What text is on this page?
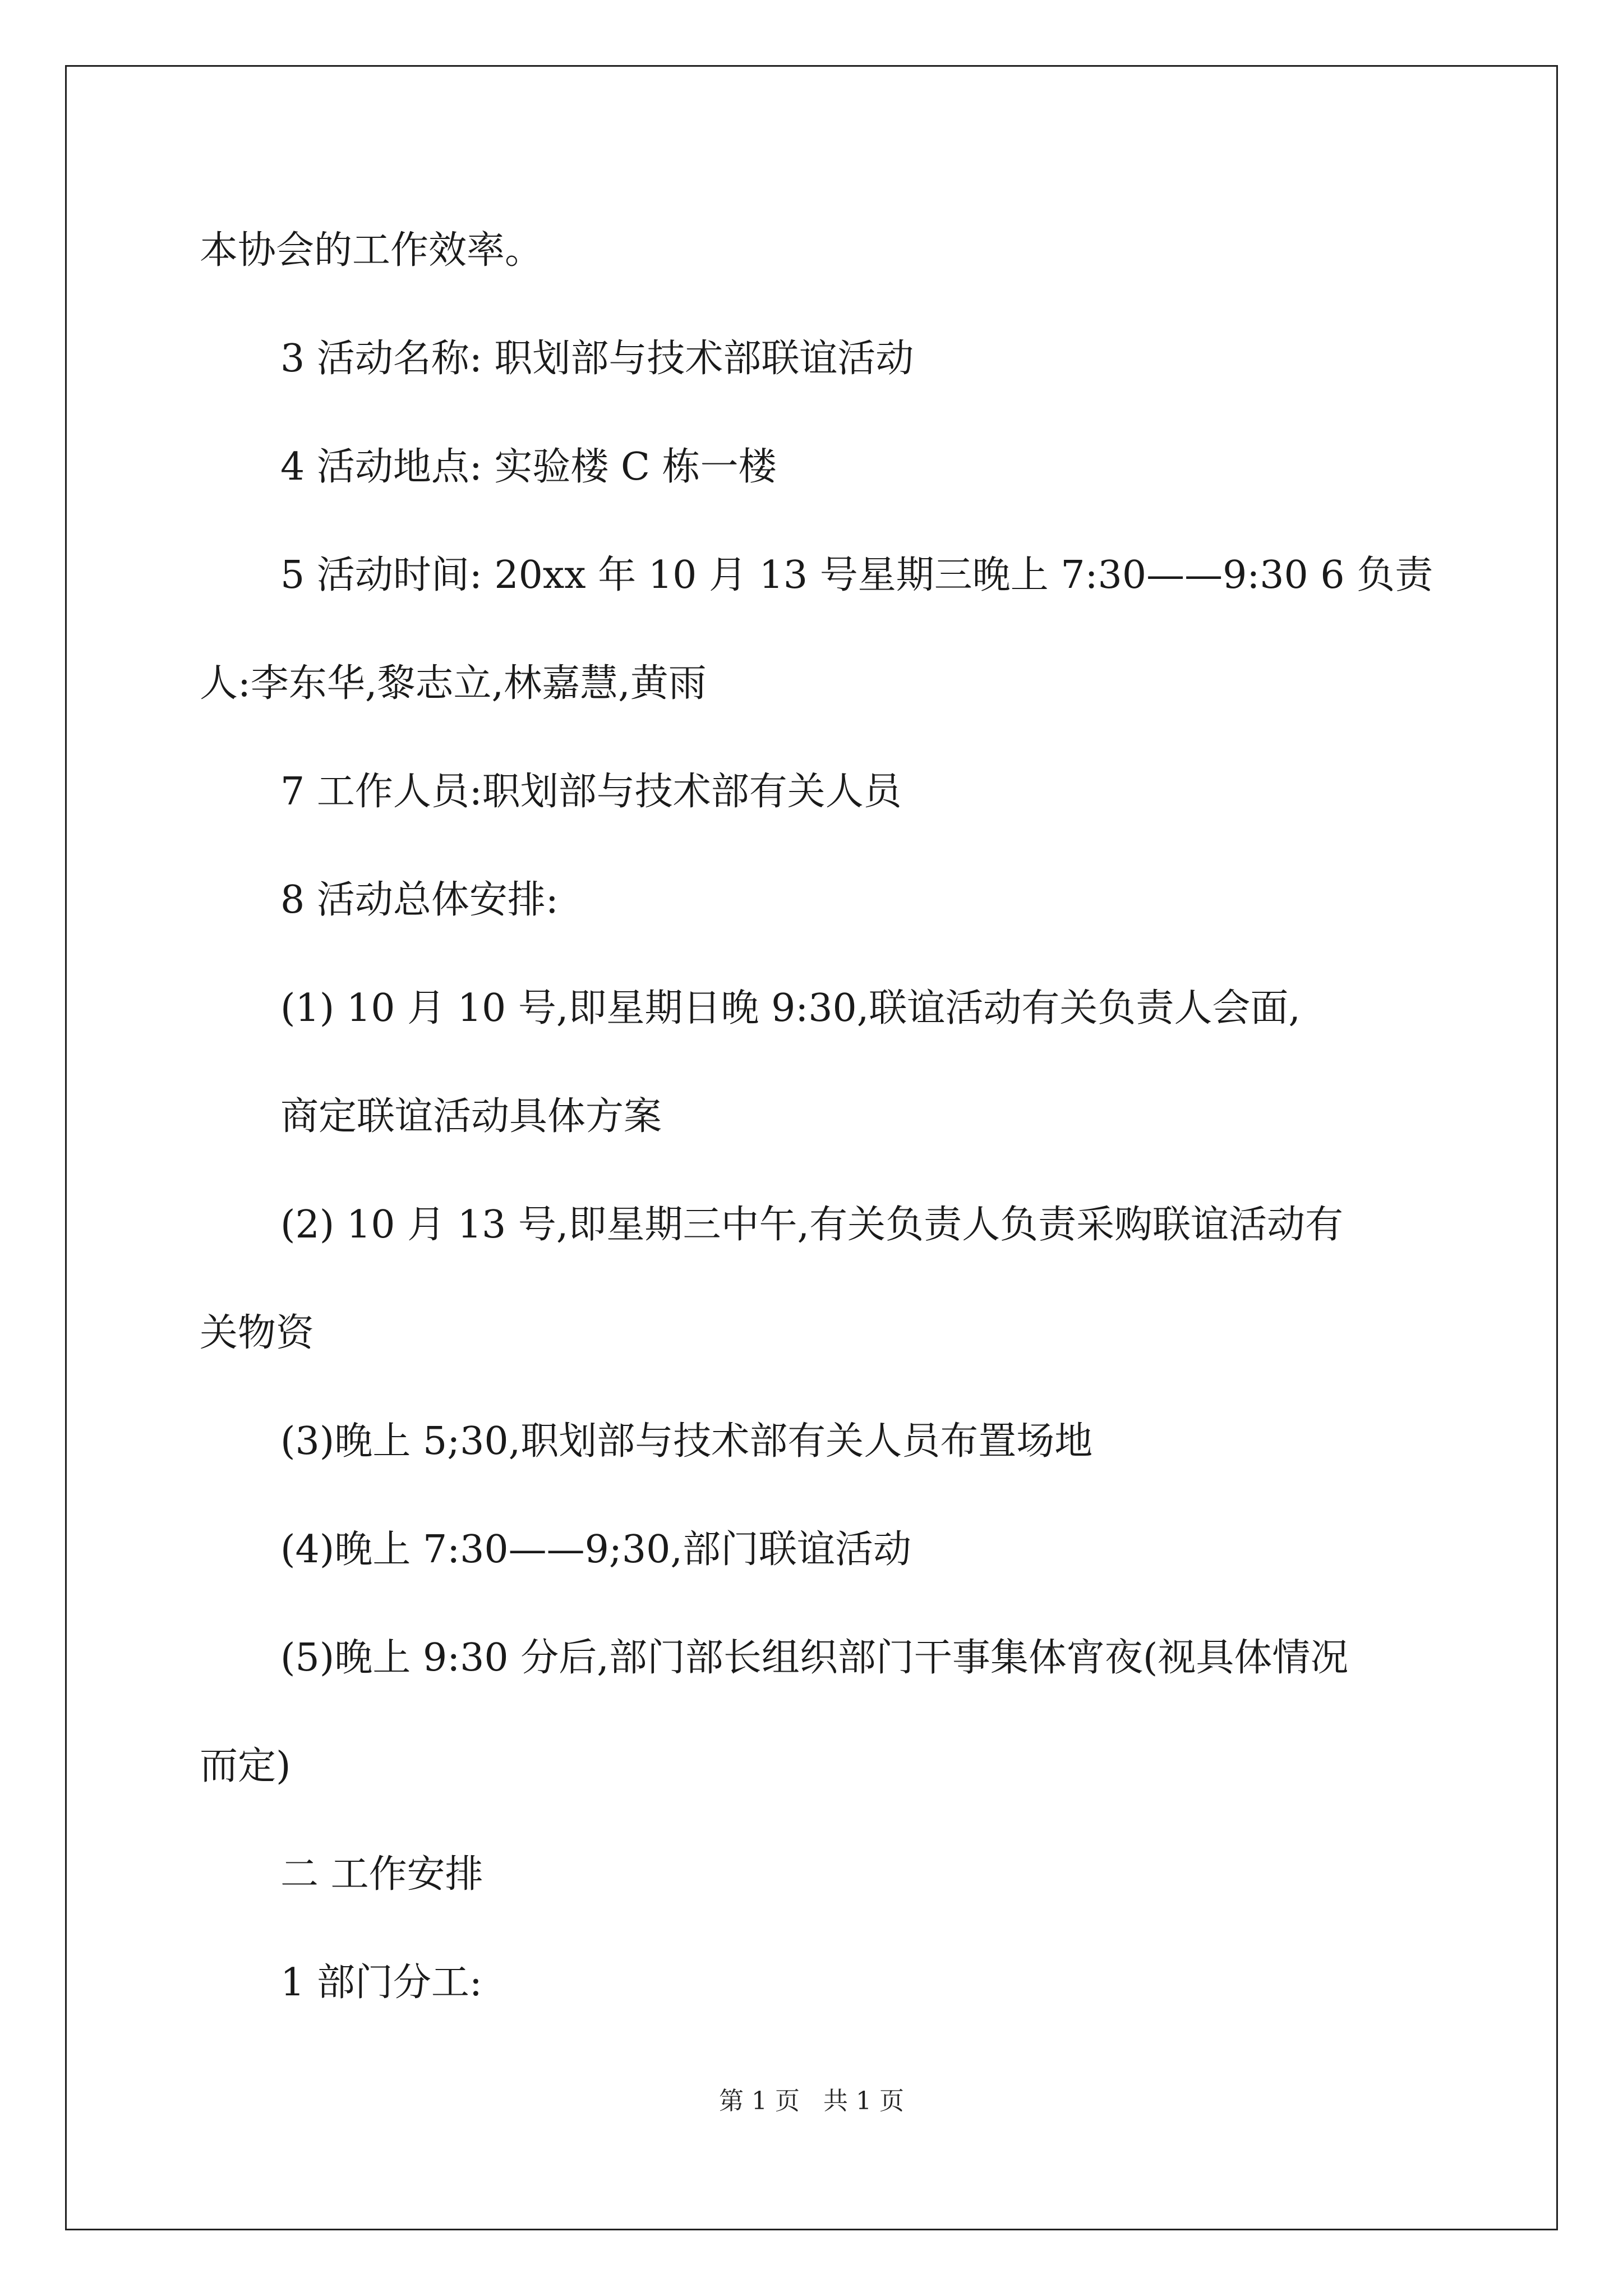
本协会的工作效率。
3 活动名称: 职划部与技术部联谊活动
4 活动地点: 实验楼 C 栋一楼
5 活动时间: 20xx 年 10 月 13 号星期三晚上 7:30——9:30 6 负责
人:李东华,黎志立,林嘉慧,黄雨
7 工作人员:职划部与技术部有关人员
8 活动总体安排:
(1) 10 月 10 号,即星期日晚 9:30,联谊活动有关负责人会面,
商定联谊活动具体方案
(2) 10 月 13 号,即星期三中午,有关负责人负责采购联谊活动有
关物资
(3)晚上 5;30,职划部与技术部有关人员布置场地
(4)晚上 7:30——9;30,部门联谊活动
(5)晚上 9:30 分后,部门部长组织部门干事集体宵夜(视具体情况
而定)
二 工作安排
1 部门分工:
第 1 页   共 1 页
